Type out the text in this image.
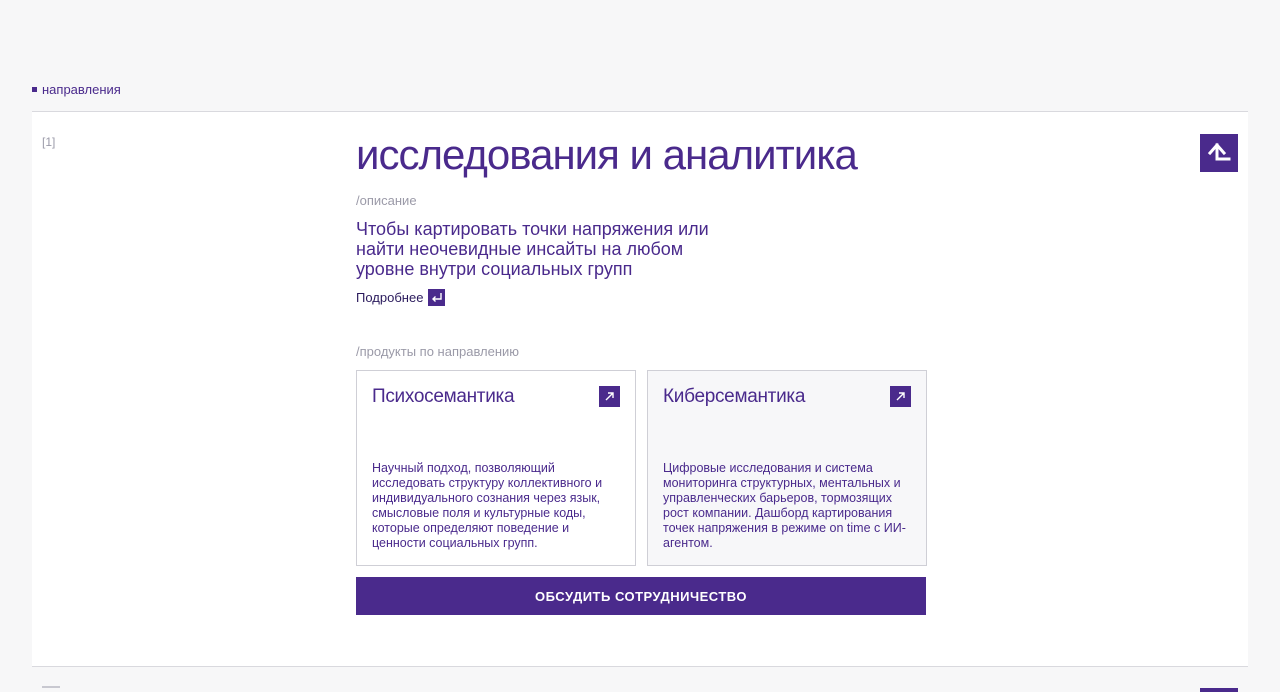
направления
[1]	исследования и аналитика
/описание
Чтобы картировать точки напряжения или найти неочевидные инсайты на любом уровне внутри социальных групп
Подробнее
/продукты по направлению
Психосемантика
Научный подход, позволяющий исследовать структуру коллективного и индивидуального сознания через язык, смысловые поля и культурные коды, которые определяют поведение и ценности социальных групп.
Киберсемантика
Цифровые исследования и система мониторинга структурных, ментальных и управленческих барьеров, тормозящих рост компании. Дашборд картирования точек напряжения в режиме on time с ИИ-агентом.
ОБСУДИТЬ СОТРУДНИЧЕСТВО
